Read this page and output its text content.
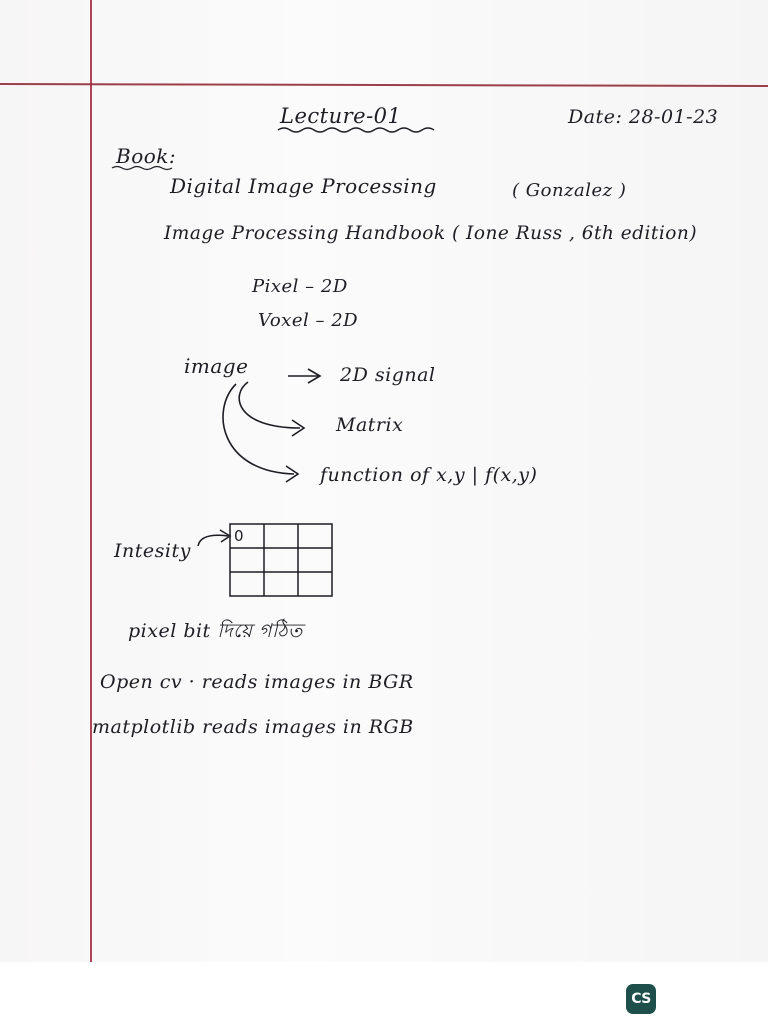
Lecture-01	Date: 28-01-23
Book:
Digital Image Processing	( Gonzalez )
Image Processing Handbook ( Ione Russ , 6th edition)
Pixel – 2D
Voxel – 2D
image	2D signal
Matrix
function of x,y | f(x,y)
Intesity
0
pixel bit দিয়ে গঠিত
Open cv · reads images in BGR
matplotlib reads images in RGB
CS
